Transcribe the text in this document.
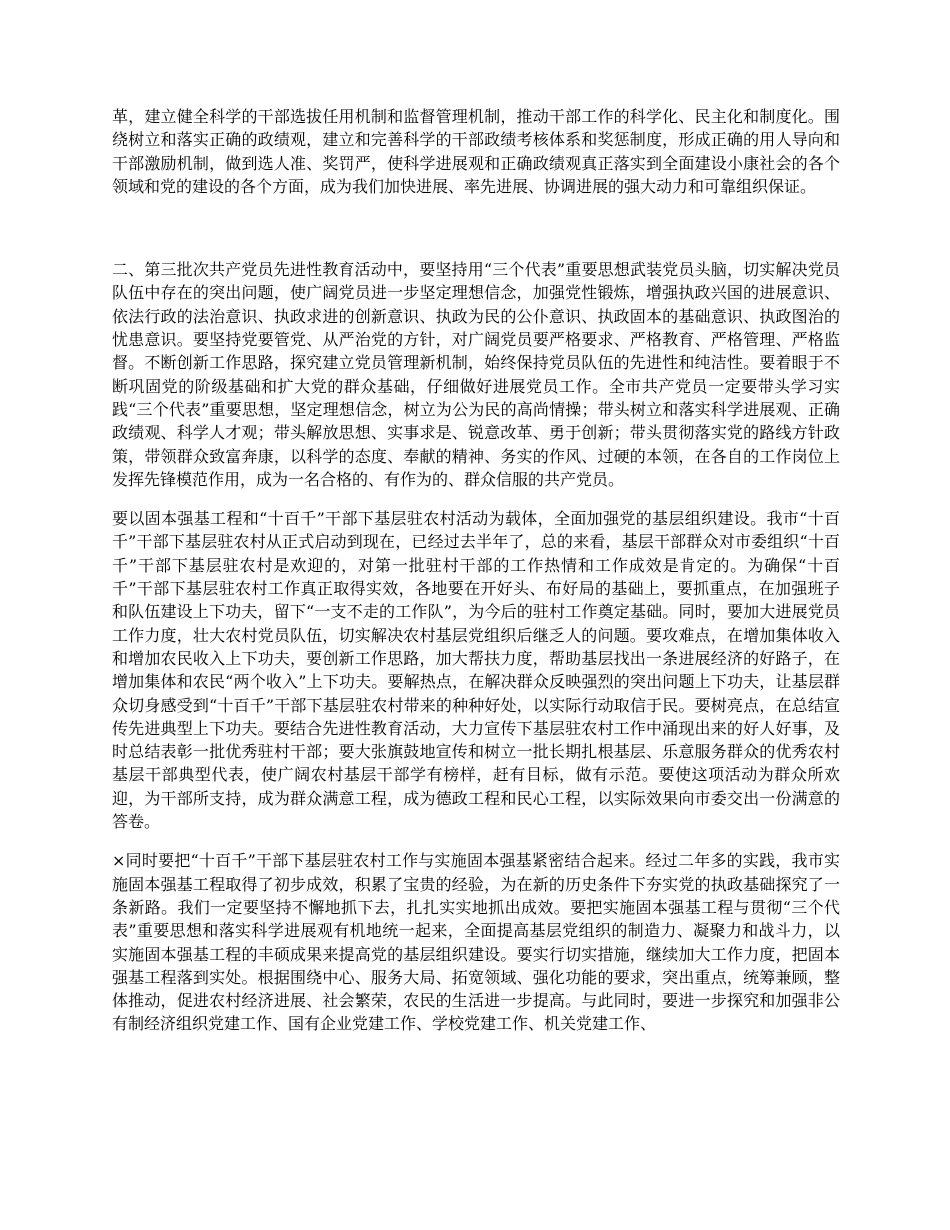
革，建立健全科学的干部选拔任用机制和监督管理机制，推动干部工作的科学化、民主化和制度化。围绕树立和落实正确的政绩观，建立和完善科学的干部政绩考核体系和奖惩制度，形成正确的用人导向和干部激励机制，做到选人准、奖罚严，使科学进展观和正确政绩观真正落实到全面建设小康社会的各个领域和党的建设的各个方面，成为我们加快进展、率先进展、协调进展的强大动力和可靠组织保证。

二、第三批次共产党员先进性教育活动中，要坚持用“三个代表”重要思想武装党员头脑，切实解决党员队伍中存在的突出问题，使广阔党员进一步坚定理想信念，加强党性锻炼，增强执政兴国的进展意识、依法行政的法治意识、执政求进的创新意识、执政为民的公仆意识、执政固本的基础意识、执政图治的忧患意识。要坚持党要管党、从严治党的方针，对广阔党员要严格要求、严格教育、严格管理、严格监督。不断创新工作思路，探究建立党员管理新机制，始终保持党员队伍的先进性和纯洁性。要着眼于不断巩固党的阶级基础和扩大党的群众基础，仔细做好进展党员工作。全市共产党员一定要带头学习实践“三个代表”重要思想，坚定理想信念，树立为公为民的高尚情操；带头树立和落实科学进展观、正确政绩观、科学人才观；带头解放思想、实事求是、锐意改革、勇于创新；带头贯彻落实党的路线方针政策，带领群众致富奔康，以科学的态度、奉献的精神、务实的作风、过硬的本领，在各自的工作岗位上发挥先锋模范作用，成为一名合格的、有作为的、群众信服的共产党员。

要以固本强基工程和“十百千”干部下基层驻农村活动为载体，全面加强党的基层组织建设。我市“十百千”干部下基层驻农村从正式启动到现在，已经过去半年了，总的来看，基层干部群众对市委组织“十百千”干部下基层驻农村是欢迎的，对第一批驻村干部的工作热情和工作成效是肯定的。为确保“十百千”干部下基层驻农村工作真正取得实效，各地要在开好头、布好局的基础上，要抓重点，在加强班子和队伍建设上下功夫，留下“一支不走的工作队”，为今后的驻村工作奠定基础。同时，要加大进展党员工作力度，壮大农村党员队伍，切实解决农村基层党组织后继乏人的问题。要攻难点，在增加集体收入和增加农民收入上下功夫，要创新工作思路，加大帮扶力度，帮助基层找出一条进展经济的好路子，在增加集体和农民“两个收入”上下功夫。要解热点，在解决群众反映强烈的突出问题上下功夫，让基层群众切身感受到“十百千”干部下基层驻农村带来的种种好处，以实际行动取信于民。要树亮点，在总结宣传先进典型上下功夫。要结合先进性教育活动，大力宣传下基层驻农村工作中涌现出来的好人好事，及时总结表彰一批优秀驻村干部；要大张旗鼓地宣传和树立一批长期扎根基层、乐意服务群众的优秀农村基层干部典型代表，使广阔农村基层干部学有榜样，赶有目标，做有示范。要使这项活动为群众所欢迎，为干部所支持，成为群众满意工程，成为德政工程和民心工程，以实际效果向市委交出一份满意的答卷。

×同时要把“十百千”干部下基层驻农村工作与实施固本强基紧密结合起来。经过二年多的实践，我市实施固本强基工程取得了初步成效，积累了宝贵的经验，为在新的历史条件下夯实党的执政基础探究了一条新路。我们一定要坚持不懈地抓下去，扎扎实实地抓出成效。要把实施固本强基工程与贯彻“三个代表”重要思想和落实科学进展观有机地统一起来，全面提高基层党组织的制造力、凝聚力和战斗力，以实施固本强基工程的丰硕成果来提高党的基层组织建设。要实行切实措施，继续加大工作力度，把固本强基工程落到实处。根据围绕中心、服务大局、拓宽领域、强化功能的要求，突出重点，统筹兼顾，整体推动，促进农村经济进展、社会繁荣，农民的生活进一步提高。与此同时，要进一步探究和加强非公有制经济组织党建工作、国有企业党建工作、学校党建工作、机关党建工作、
